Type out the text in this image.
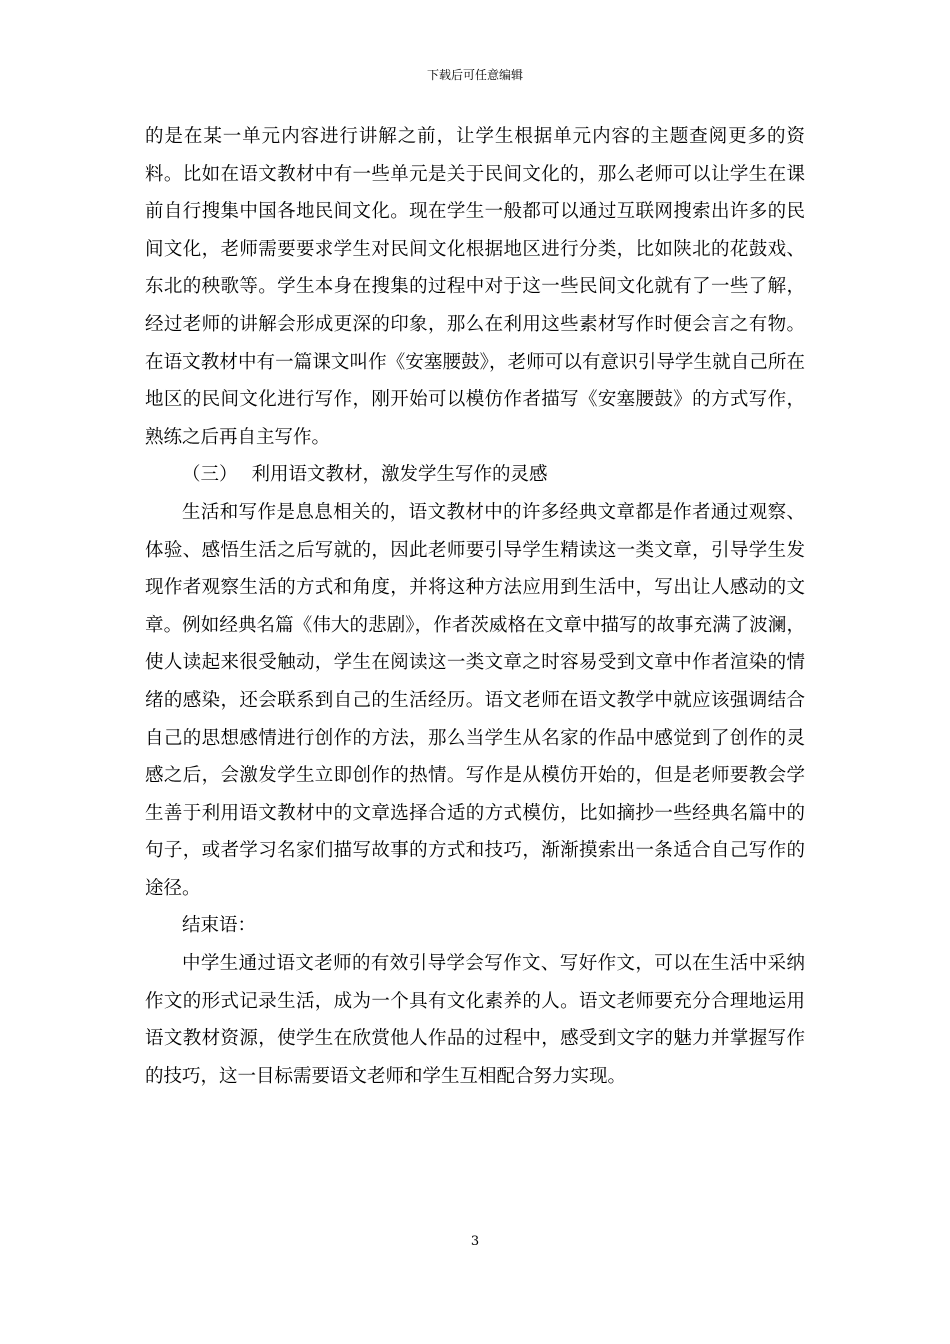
下载后可任意编辑

的是在某一单元内容进行讲解之前，让学生根据单元内容的主题查阅更多的资料。比如在语文教材中有一些单元是关于民间文化的，那么老师可以让学生在课前自行搜集中国各地民间文化。现在学生一般都可以通过互联网搜索出许多的民间文化，老师需要要求学生对民间文化根据地区进行分类，比如陕北的花鼓戏、东北的秧歌等。学生本身在搜集的过程中对于这一些民间文化就有了一些了解，经过老师的讲解会形成更深的印象，那么在利用这些素材写作时便会言之有物。在语文教材中有一篇课文叫作《安塞腰鼓》，老师可以有意识引导学生就自己所在地区的民间文化进行写作，刚开始可以模仿作者描写《安塞腰鼓》的方式写作，熟练之后再自主写作。

（三） 利用语文教材，激发学生写作的灵感

生活和写作是息息相关的，语文教材中的许多经典文章都是作者通过观察、体验、感悟生活之后写就的，因此老师要引导学生精读这一类文章，引导学生发现作者观察生活的方式和角度，并将这种方法应用到生活中，写出让人感动的文章。例如经典名篇《伟大的悲剧》，作者茨威格在文章中描写的故事充满了波澜，使人读起来很受触动，学生在阅读这一类文章之时容易受到文章中作者渲染的情绪的感染，还会联系到自己的生活经历。语文老师在语文教学中就应该强调结合自己的思想感情进行创作的方法，那么当学生从名家的作品中感觉到了创作的灵感之后，会激发学生立即创作的热情。写作是从模仿开始的，但是老师要教会学生善于利用语文教材中的文章选择合适的方式模仿，比如摘抄一些经典名篇中的句子，或者学习名家们描写故事的方式和技巧，渐渐摸索出一条适合自己写作的途径。

结束语：

中学生通过语文老师的有效引导学会写作文、写好作文，可以在生活中采纳作文的形式记录生活，成为一个具有文化素养的人。语文老师要充分合理地运用语文教材资源，使学生在欣赏他人作品的过程中，感受到文字的魅力并掌握写作的技巧，这一目标需要语文老师和学生互相配合努力实现。

3
